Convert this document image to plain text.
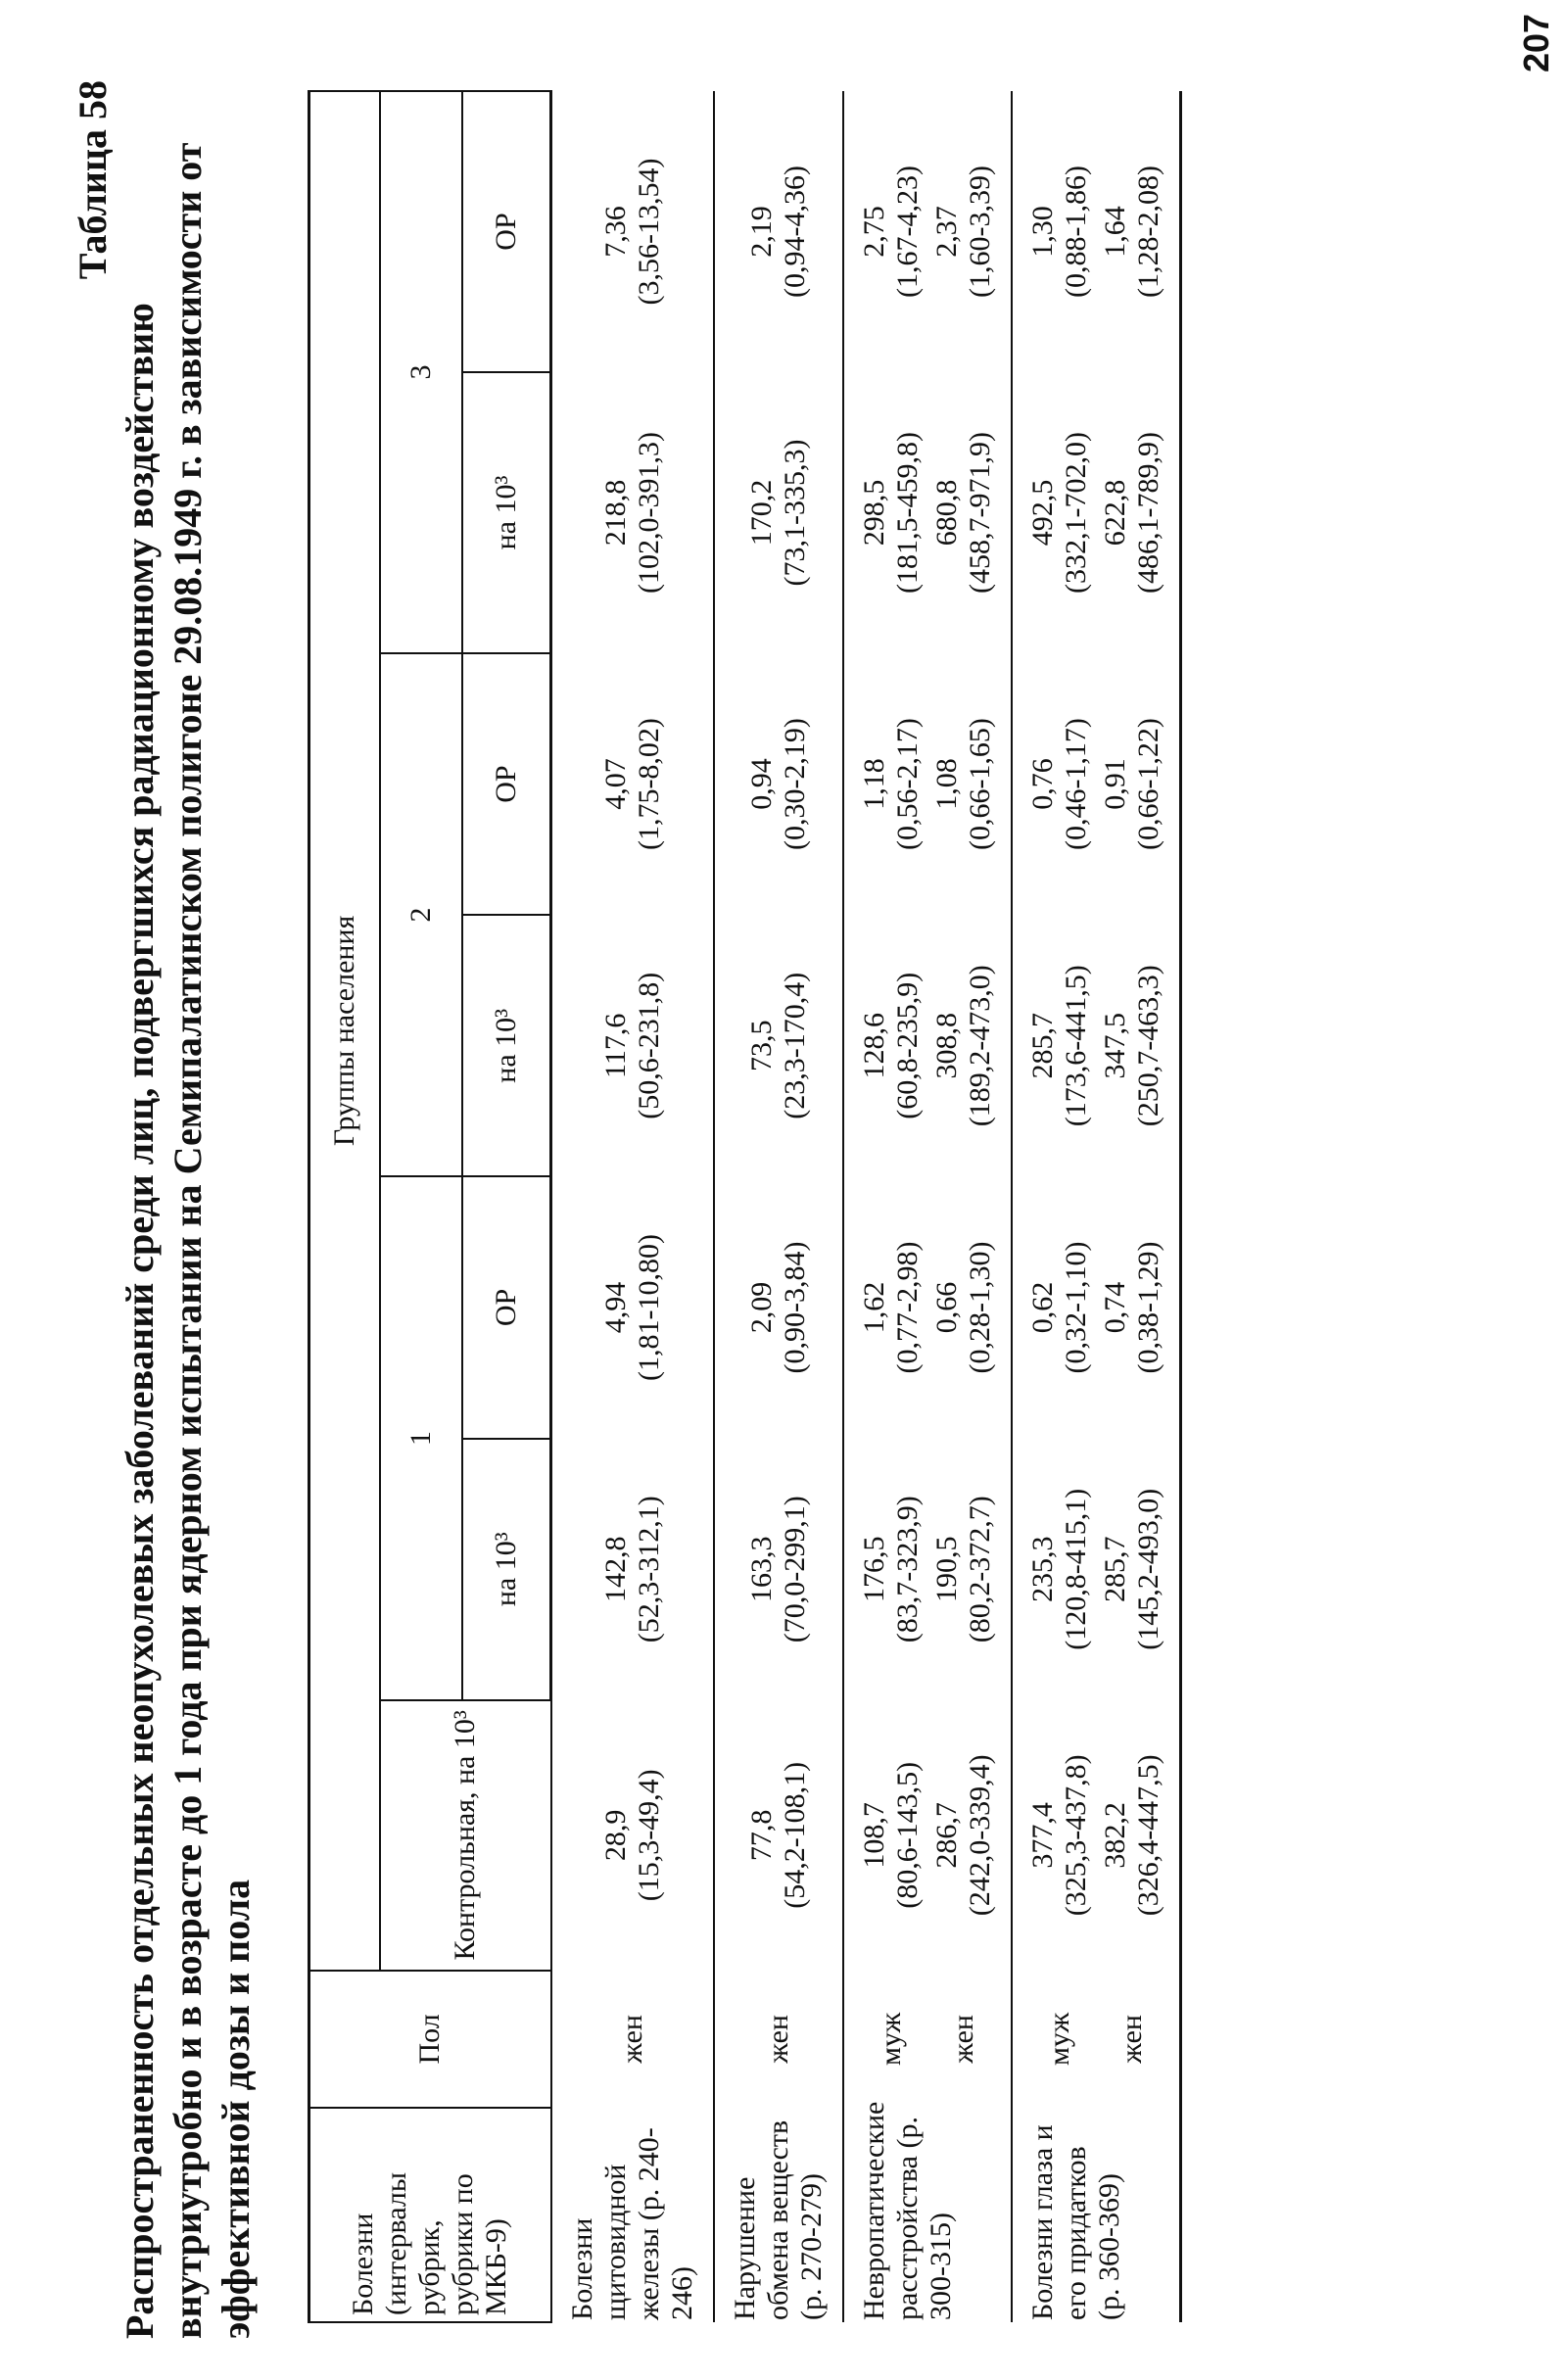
Таблица 58
Распространенность отдельных неопухолевых заболеваний среди лиц, подвергшихся радиационному воздействию внутриутробно и в возрасте до 1 года при ядерном испытании на Семипалатинском полигоне 29.08.1949 г. в зависимости от эффективной дозы и пола	Болезни (интервалы рубрик, рубрики по МКБ-9)	Пол	Группы населения						
		Контрольная, на 10³	1		2		3	
			на 10³	ОР	на 10³	ОР	на 10³	ОР
Болезни щитовидной железы (р. 240-246)	жен	28,9 (15,3-49,4)	142,8 (52,3-312,1)	4,94 (1,81-10,80)	117,6 (50,6-231,8)	4,07 (1,75-8,02)	218,8 (102,0-391,3)	7,36 (3,56-13,54)

Нарушение обмена веществ (р. 270-279)	жен	77,8 (54,2-108,1)	163,3 (70,0-299,1)	2,09 (0,90-3,84)	73,5 (23,3-170,4)	0,94 (0,30-2,19)	170,2 (73,1-335,3)	2,19 (0,94-4,36)

Невропатические расстройства (р. 300-315)	муж	108,7 (80,6-143,5)	176,5 (83,7-323,9)	1,62 (0,77-2,98)	128,6 (60,8-235,9)	1,18 (0,56-2,17)	298,5 (181,5-459,8)	2,75 (1,67-4,23)

	жен	286,7 (242,0-339,4)	190,5 (80,2-372,7)	0,66 (0,28-1,30)	308,8 (189,2-473,0)	1,08 (0,66-1,65)	680,8 (458,7-971,9)	2,37 (1,60-3,39)

Болезни глаза и его придатков (р. 360-369)	муж	377,4 (325,3-437,8)	235,3 (120,8-415,1)	0,62 (0,32-1,10)	285,7 (173,6-441,5)	0,76 (0,46-1,17)	492,5 (332,1-702,0)	1,30 (0,88-1,86)

	жен	382,2 (326,4-447,5)	285,7 (145,2-493,0)	0,74 (0,38-1,29)	347,5 (250,7-463,3)	0,91 (0,66-1,22)	622,8 (486,1-789,9)	1,64 (1,28-2,08)
207
